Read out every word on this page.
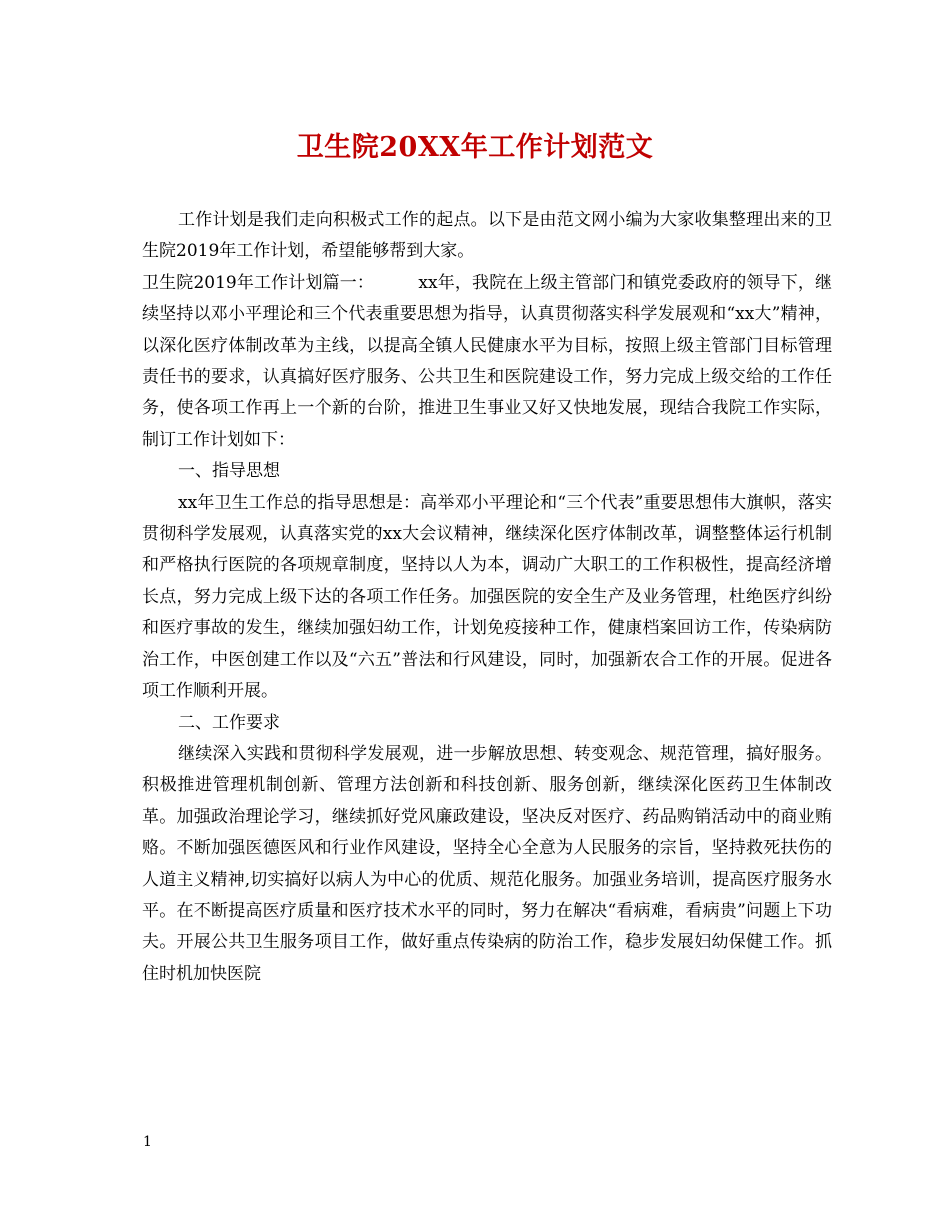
卫生院20XX年工作计划范文

工作计划是我们走向积极式工作的起点。以下是由范文网小编为大家收集整理出来的卫生院2019年工作计划，希望能够帮到大家。

卫生院2019年工作计划篇一：        xx年，我院在上级主管部门和镇党委政府的领导下，继续坚持以邓小平理论和三个代表重要思想为指导，认真贯彻落实科学发展观和“xx大”精神，以深化医疗体制改革为主线，以提高全镇人民健康水平为目标，按照上级主管部门目标管理责任书的要求，认真搞好医疗服务、公共卫生和医院建设工作，努力完成上级交给的工作任务，使各项工作再上一个新的台阶，推进卫生事业又好又快地发展，现结合我院工作实际，制订工作计划如下：

一、指导思想

xx年卫生工作总的指导思想是：高举邓小平理论和“三个代表”重要思想伟大旗帜，落实贯彻科学发展观，认真落实党的xx大会议精神，继续深化医疗体制改革，调整整体运行机制和严格执行医院的各项规章制度，坚持以人为本，调动广大职工的工作积极性，提高经济增长点，努力完成上级下达的各项工作任务。加强医院的安全生产及业务管理，杜绝医疗纠纷和医疗事故的发生，继续加强妇幼工作，计划免疫接种工作，健康档案回访工作，传染病防治工作，中医创建工作以及“六五”普法和行风建设，同时，加强新农合工作的开展。促进各项工作顺利开展。

二、工作要求

继续深入实践和贯彻科学发展观，进一步解放思想、转变观念、规范管理，搞好服务。积极推进管理机制创新、管理方法创新和科技创新、服务创新，继续深化医药卫生体制改革。加强政治理论学习，继续抓好党风廉政建设，坚决反对医疗、药品购销活动中的商业贿赂。不断加强医德医风和行业作风建设，坚持全心全意为人民服务的宗旨，坚持救死扶伤的人道主义精神,切实搞好以病人为中心的优质、规范化服务。加强业务培训，提高医疗服务水平。在不断提高医疗质量和医疗技术水平的同时，努力在解决“看病难，看病贵”问题上下功夫。开展公共卫生服务项目工作，做好重点传染病的防治工作，稳步发展妇幼保健工作。抓住时机加快医院

1
